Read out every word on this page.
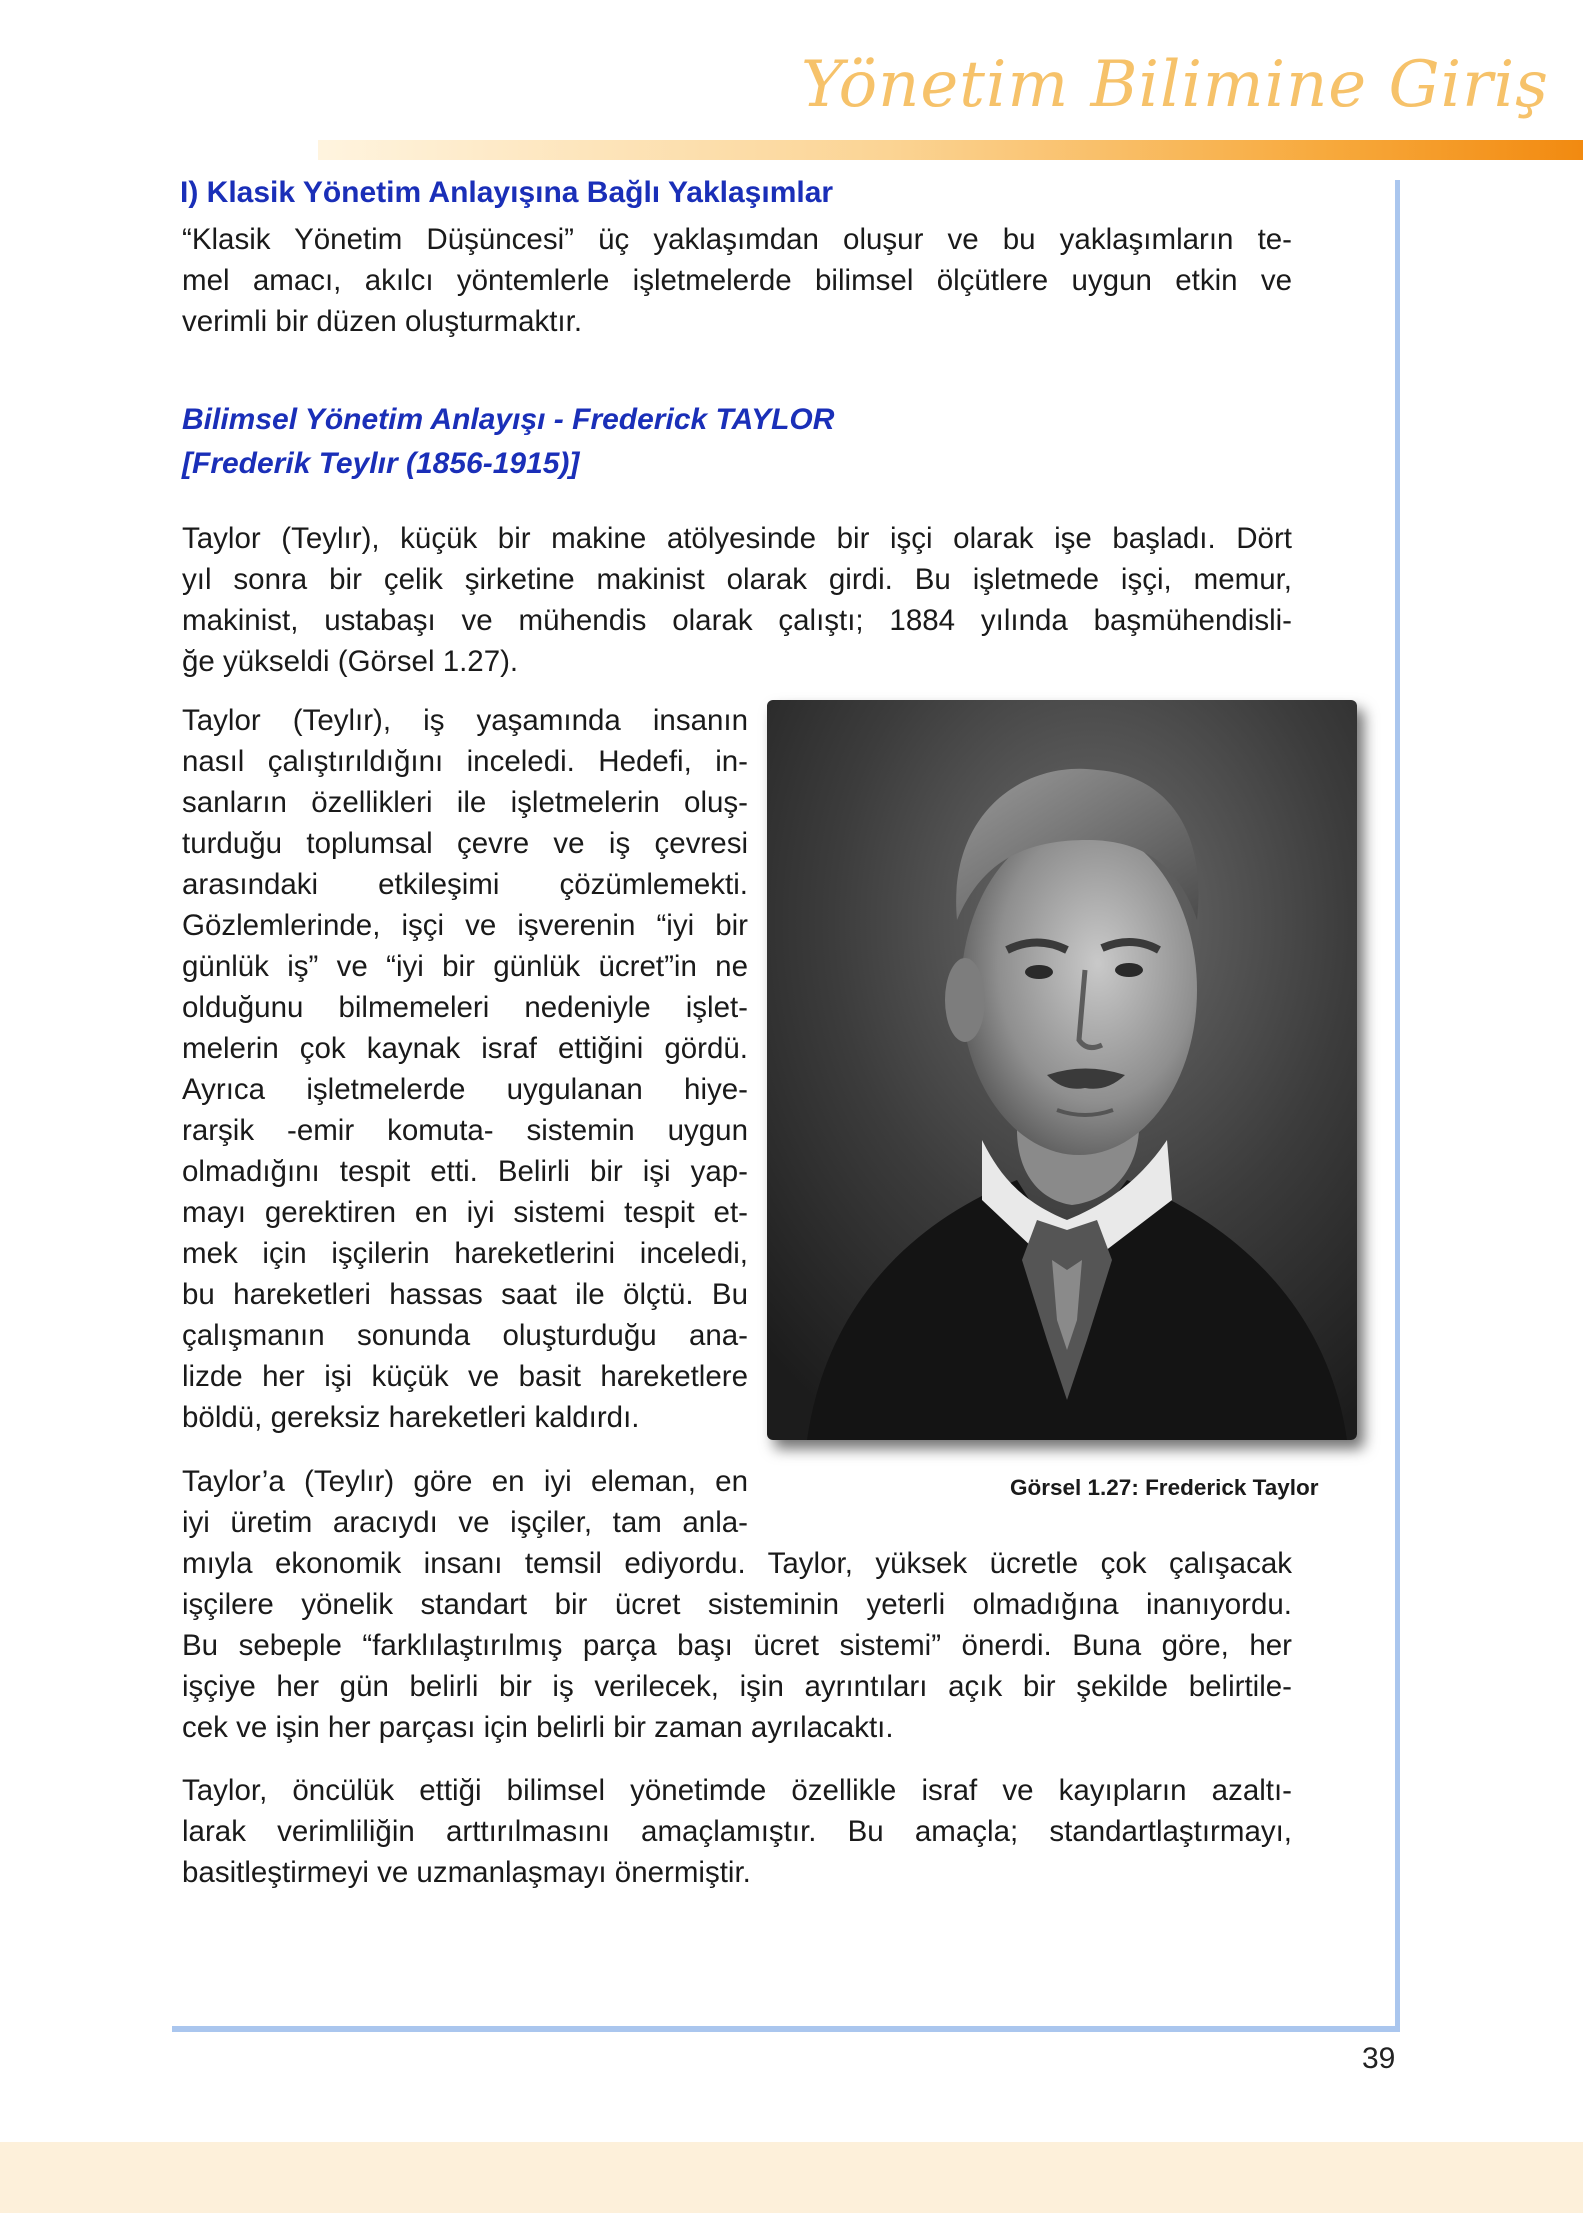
Yönetim Bilimine Giriş
I) Klasik Yönetim Anlayışına Bağlı Yaklaşımlar

“Klasik Yönetim Düşüncesi” üç yaklaşımdan oluşur ve bu yaklaşımların te-

mel amacı, akılcı yöntemlerle işletmelerde bilimsel ölçütlere uygun etkin ve

verimli bir düzen oluşturmaktır.

Bilimsel Yönetim Anlayışı - Frederick TAYLOR
[Frederik Teylır (1856-1915)]

Taylor (Teylır), küçük bir makine atölyesinde bir işçi olarak işe başladı. Dört

yıl sonra bir çelik şirketine makinist olarak girdi. Bu işletmede işçi, memur,

makinist, ustabaşı ve mühendis olarak çalıştı; 1884 yılında başmühendisli-

ğe yükseldi (Görsel 1.27).

Taylor (Teylır), iş yaşamında insanın

nasıl çalıştırıldığını inceledi. Hedefi, in-

sanların özellikleri ile işletmelerin oluş-

turduğu toplumsal çevre ve iş çevresi

arasındaki etkileşimi çözümlemekti.

Gözlemlerinde, işçi ve işverenin “iyi bir

günlük iş” ve “iyi bir günlük ücret”in ne

olduğunu bilmemeleri nedeniyle işlet-

melerin çok kaynak israf ettiğini gördü.

Ayrıca işletmelerde uygulanan hiye-

rarşik -emir komuta- sistemin uygun

olmadığını tespit etti. Belirli bir işi yap-

mayı gerektiren en iyi sistemi tespit et-

mek için işçilerin hareketlerini inceledi,

bu hareketleri hassas saat ile ölçtü. Bu

çalışmanın sonunda oluşturduğu ana-

lizde her işi küçük ve basit hareketlere

böldü, gereksiz hareketleri kaldırdı.

Görsel 1.27: Frederick Taylor

Taylor’a (Teylır) göre en iyi eleman, en

iyi üretim aracıydı ve işçiler, tam anla-

mıyla ekonomik insanı temsil ediyordu. Taylor, yüksek ücretle çok çalışacak

işçilere yönelik standart bir ücret sisteminin yeterli olmadığına inanıyordu.

Bu sebeple “farklılaştırılmış parça başı ücret sistemi” önerdi. Buna göre, her

işçiye her gün belirli bir iş verilecek, işin ayrıntıları açık bir şekilde belirtile-

cek ve işin her parçası için belirli bir zaman ayrılacaktı.

Taylor, öncülük ettiği bilimsel yönetimde özellikle israf ve kayıpların azaltı-

larak verimliliğin arttırılmasını amaçlamıştır. Bu amaçla; standartlaştırmayı,

basitleştirmeyi ve uzmanlaşmayı önermiştir.

39
